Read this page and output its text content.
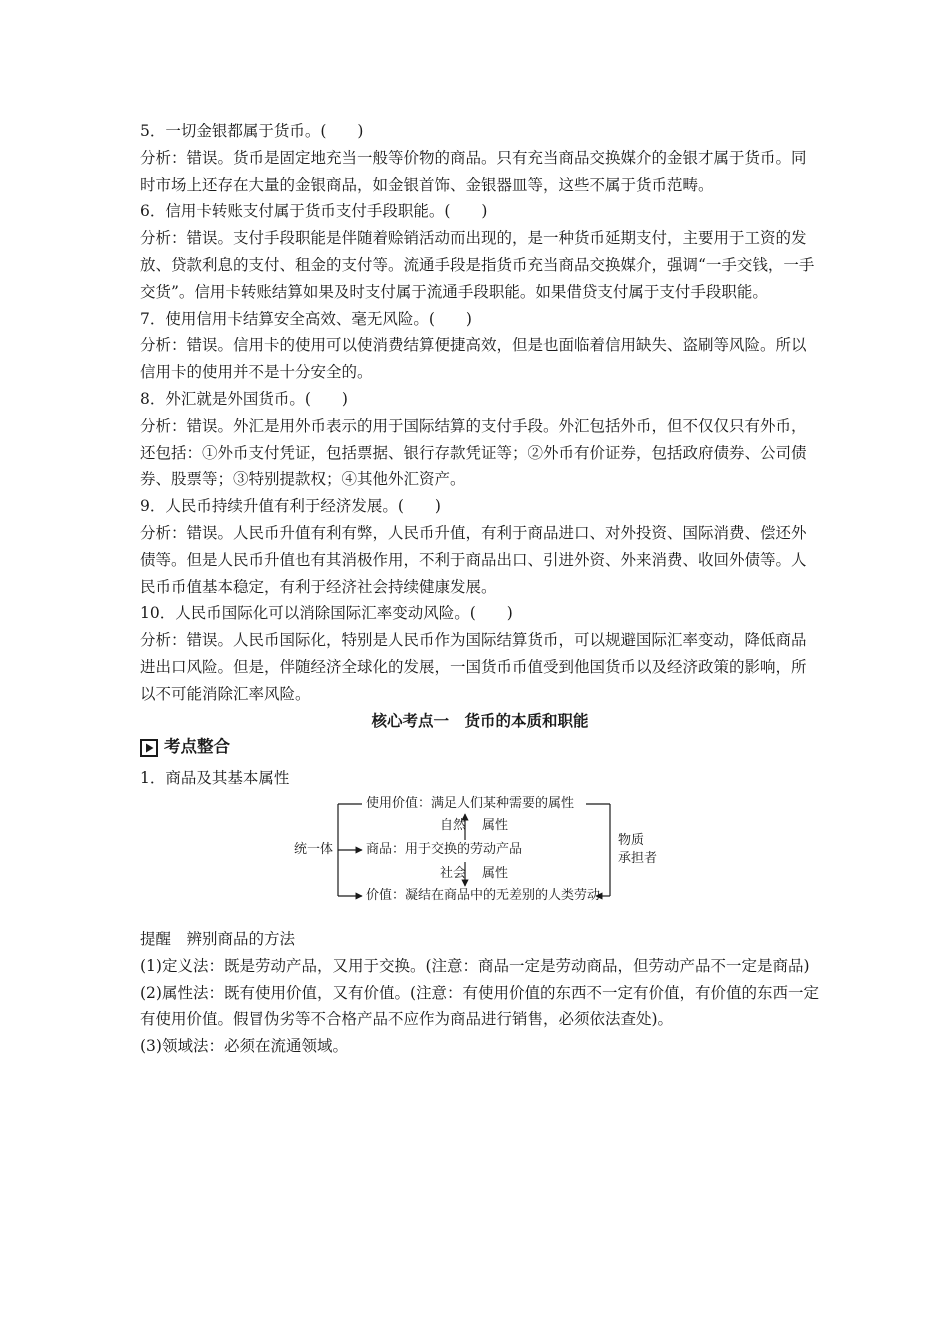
5．一切金银都属于货币。(　　)

分析：错误。货币是固定地充当一般等价物的商品。只有充当商品交换媒介的金银才属于货币。同时市场上还存在大量的金银商品，如金银首饰、金银器皿等，这些不属于货币范畴。

6．信用卡转账支付属于货币支付手段职能。(　　)

分析：错误。支付手段职能是伴随着赊销活动而出现的，是一种货币延期支付，主要用于工资的发放、贷款利息的支付、租金的支付等。流通手段是指货币充当商品交换媒介，强调“一手交钱，一手交货”。信用卡转账结算如果及时支付属于流通手段职能。如果借贷支付属于支付手段职能。

7．使用信用卡结算安全高效、毫无风险。(　　)

分析：错误。信用卡的使用可以使消费结算便捷高效，但是也面临着信用缺失、盗刷等风险。所以信用卡的使用并不是十分安全的。

8．外汇就是外国货币。(　　)

分析：错误。外汇是用外币表示的用于国际结算的支付手段。外汇包括外币，但不仅仅只有外币，还包括：①外币支付凭证，包括票据、银行存款凭证等；②外币有价证券，包括政府债券、公司债券、股票等；③特别提款权；④其他外汇资产。

9．人民币持续升值有利于经济发展。(　　)

分析：错误。人民币升值有利有弊，人民币升值，有利于商品进口、对外投资、国际消费、偿还外债等。但是人民币升值也有其消极作用，不利于商品出口、引进外资、外来消费、收回外债等。人民币币值基本稳定，有利于经济社会持续健康发展。

10．人民币国际化可以消除国际汇率变动风险。(　　)

分析：错误。人民币国际化，特别是人民币作为国际结算货币，可以规避国际汇率变动，降低商品进出口风险。但是，伴随经济全球化的发展，一国货币币值受到他国货币以及经济政策的影响，所以不可能消除汇率风险。

核心考点一　货币的本质和职能

考点整合

1．商品及其基本属性

统一体
使用价值：满足人们某种需要的属性
自然 属性
商品：用于交换的劳动产品
社会 属性
价值：凝结在商品中的无差别的人类劳动
物质
承担者

提醒　辨别商品的方法

(1)定义法：既是劳动产品，又用于交换。(注意：商品一定是劳动商品，但劳动产品不一定是商品)

(2)属性法：既有使用价值，又有价值。(注意：有使用价值的东西不一定有价值，有价值的东西一定有使用价值。假冒伪劣等不合格产品不应作为商品进行销售，必须依法查处)。

(3)领域法：必须在流通领域。
